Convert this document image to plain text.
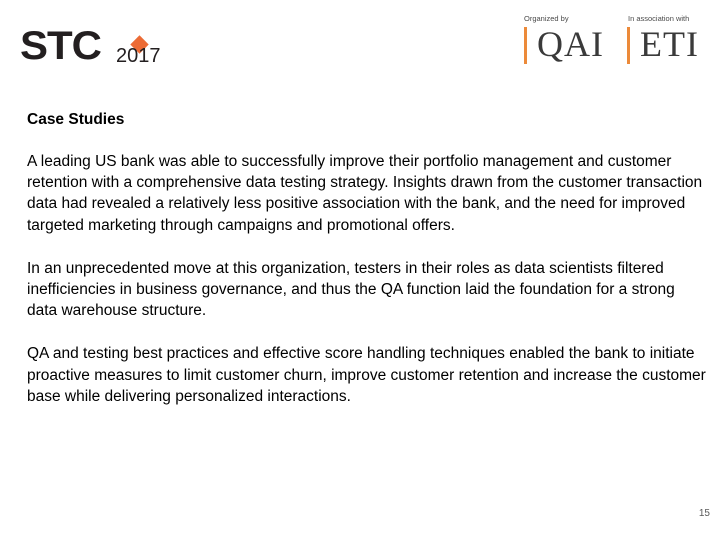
STC 2017
Organized by
QAI
In association with
ETI

Case Studies

A leading US bank was able to successfully improve their portfolio management and customer retention with a comprehensive data testing strategy. Insights drawn from the customer transaction data had revealed a relatively less positive association with the bank, and the need for improved targeted marketing through campaigns and promotional offers.

In an unprecedented move at this organization, testers in their roles as data scientists filtered inefficiencies in business governance, and thus the QA function laid the foundation for a strong data warehouse structure.

QA and testing best practices and effective score handling techniques enabled the bank to initiate proactive measures to limit customer churn, improve customer retention and increase the customer base while delivering personalized interactions.

15
